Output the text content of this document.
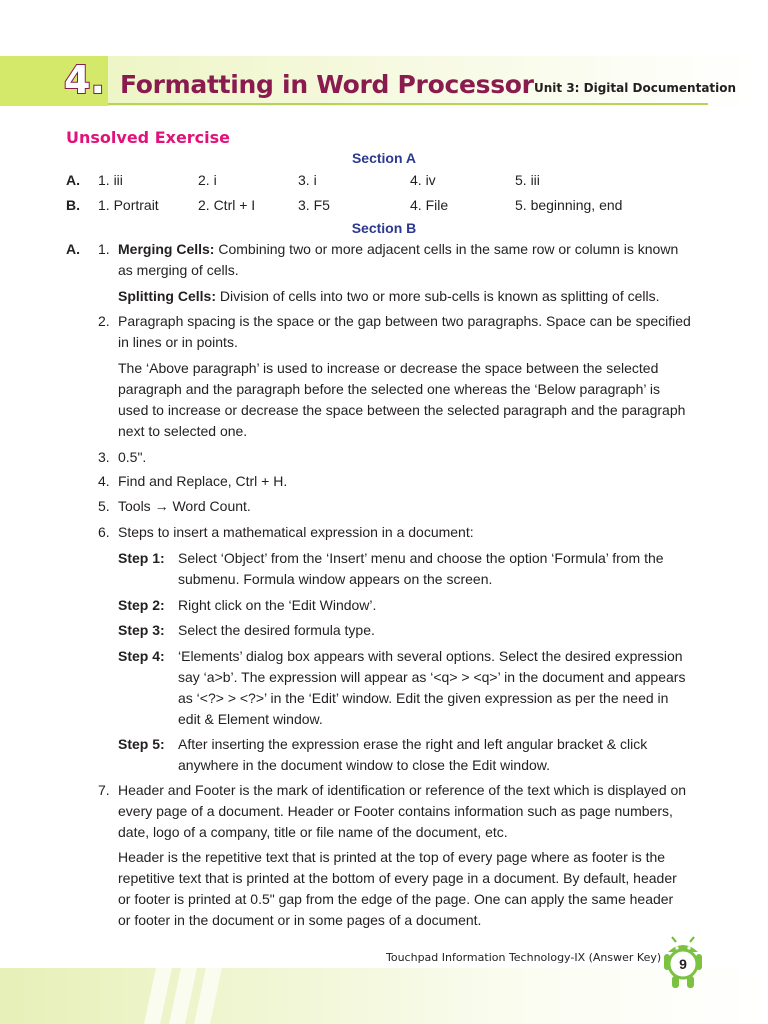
4. Formatting in Word Processor Unit 3: Digital Documentation
Unsolved Exercise
Section A
A. 1. iii	2. i	3. i	4. iv	5. iii
B. 1. Portrait	2. Ctrl + I	3. F5	4. File	5. beginning, end
Section B
A. 1. Merging Cells: Combining two or more adjacent cells in the same row or column is known
as merging of cells.
Splitting Cells: Division of cells into two or more sub-cells is known as splitting of cells.
2. Paragraph spacing is the space or the gap between two paragraphs. Space can be specified
in lines or in points.
The ‘Above paragraph’ is used to increase or decrease the space between the selected
paragraph and the paragraph before the selected one whereas the ‘Below paragraph’ is
used to increase or decrease the space between the selected paragraph and the paragraph
next to selected one.
3. 0.5".
4. Find and Replace, Ctrl + H.
5. Tools → Word Count.
6. Steps to insert a mathematical expression in a document:
Step 1: Select ‘Object’ from the ‘Insert’ menu and choose the option ‘Formula’ from the
submenu. Formula window appears on the screen.
Step 2: Right click on the ‘Edit Window’.
Step 3: Select the desired formula type.
Step 4: ‘Elements’ dialog box appears with several options. Select the desired expression
say ‘a>b’. The expression will appear as ‘<q> > <q>’ in the document and appears
as ‘<?> > <?>’ in the ‘Edit’ window. Edit the given expression as per the need in
edit & Element window.
Step 5: After inserting the expression erase the right and left angular bracket & click
anywhere in the document window to close the Edit window.
7. Header and Footer is the mark of identification or reference of the text which is displayed on
every page of a document. Header or Footer contains information such as page numbers,
date, logo of a company, title or file name of the document, etc.
Header is the repetitive text that is printed at the top of every page where as footer is the
repetitive text that is printed at the bottom of every page in a document. By default, header
or footer is printed at 0.5" gap from the edge of the page. One can apply the same header
or footer in the document or in some pages of a document.
Touchpad Information Technology-IX (Answer Key) 9
